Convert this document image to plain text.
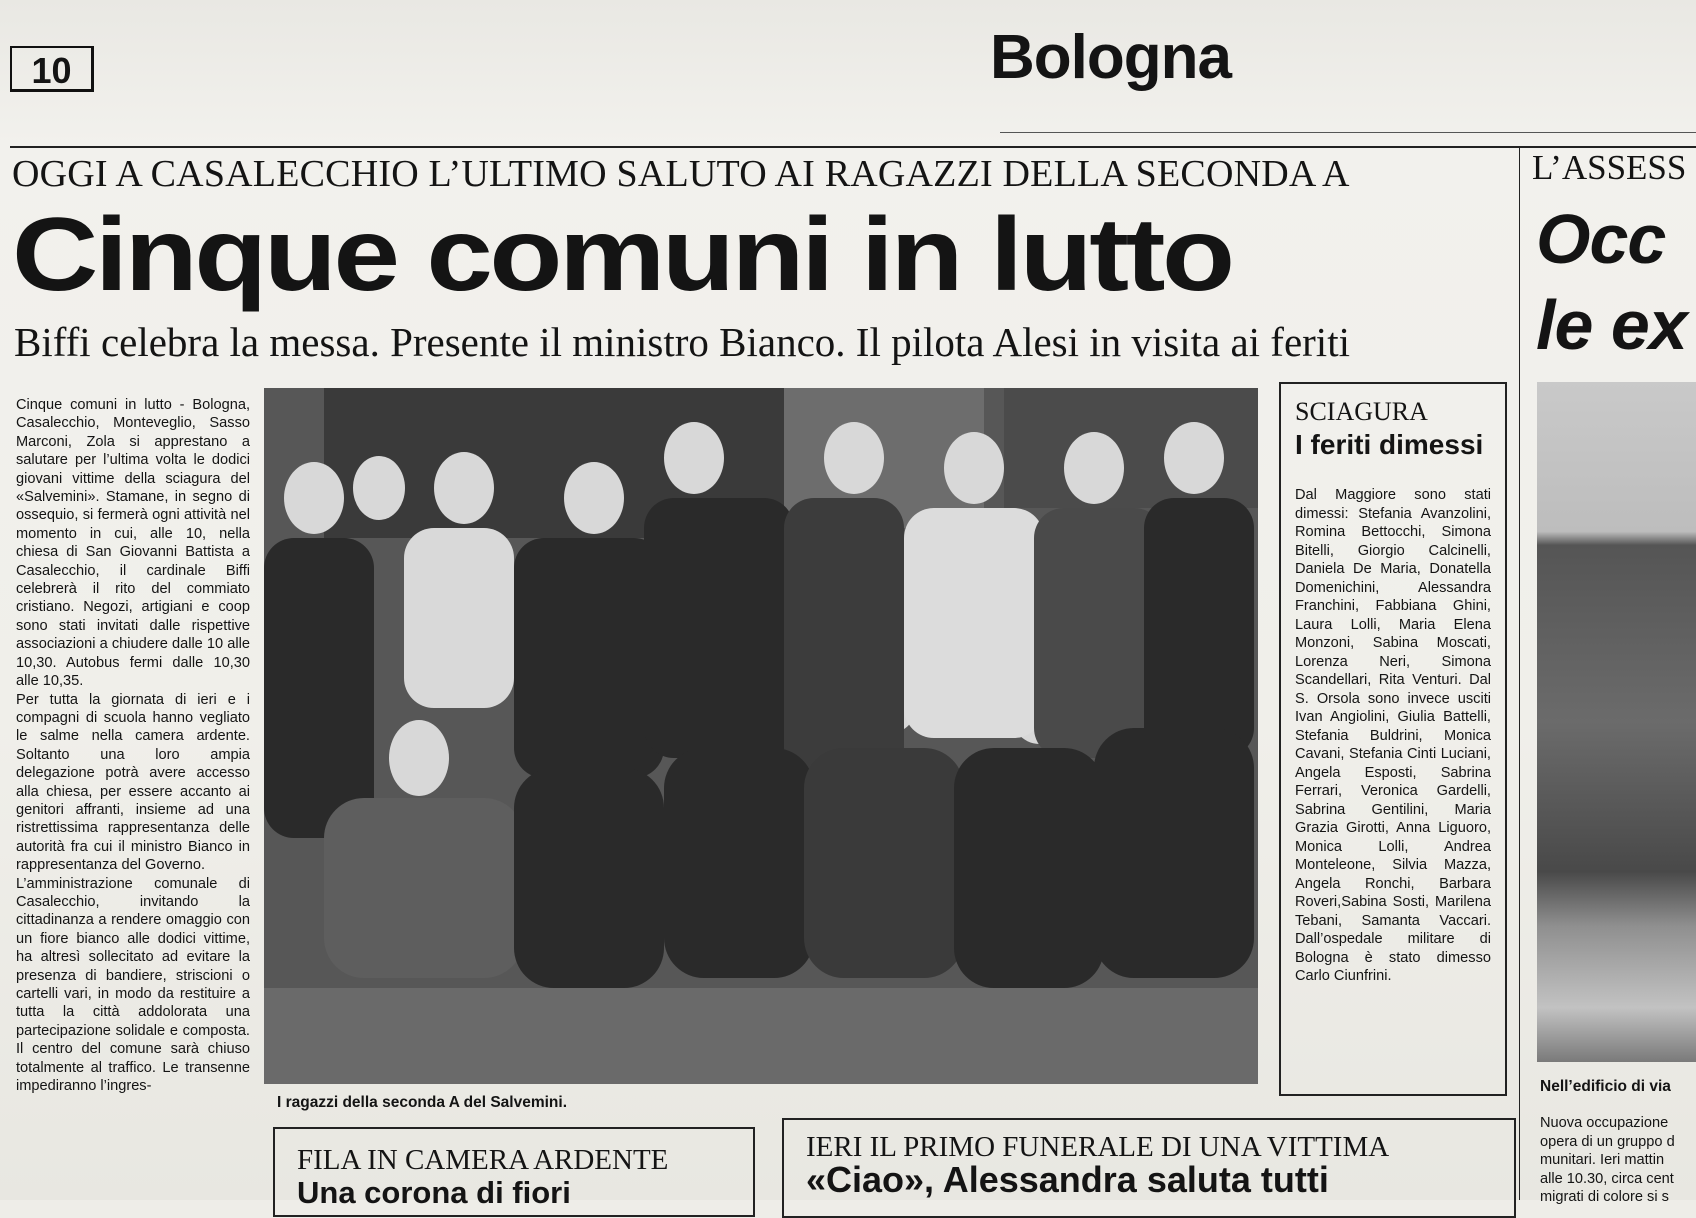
10	Bologna
OGGI A CASALECCHIO L’ULTIMO SALUTO AI RAGAZZI DELLA SECONDA A
Cinque comuni in lutto
Biffi celebra la messa. Presente il ministro Bianco. Il pilota Alesi in visita ai feriti

Cinque comuni in lutto - Bologna, Casalecchio, Monteveglio, Sasso Marconi, Zola si apprestano a salutare per l’ultima volta le dodici giovani vittime della sciagura del «Salvemini». Stamane, in segno di ossequio, si fermerà ogni attività nel momento in cui, alle 10, nella chiesa di San Giovanni Battista a Casalecchio, il cardinale Biffi celebrerà il rito del commiato cristiano. Negozi, artigiani e coop sono stati invitati dalle rispettive associazioni a chiudere dalle 10 alle 10,30. Autobus fermi dalle 10,30 alle 10,35.

Per tutta la giornata di ieri e i compagni di scuola hanno vegliato le salme nella camera ardente. Soltanto una loro ampia delegazione potrà avere accesso alla chiesa, per essere accanto ai genitori affranti, insieme ad una ristrettissima rappresentanza delle autorità fra cui il ministro Bianco in rappresentanza del Governo.

L’amministrazione comunale di Casalecchio, invitando la cittadinanza a rendere omaggio con un fiore bianco alle dodici vittime, ha altresì sollecitato ad evitare la presenza di bandiere, striscioni o cartelli vari, in modo da restituire a tutta la città addolorata una partecipazione solidale e composta. Il centro del comune sarà chiuso totalmente al traffico. Le transenne impediranno l’ingres-

I ragazzi della seconda A del Salvemini.
SCIAGURA
I feriti dimessi
Dal Maggiore sono stati dimessi: Stefania Avanzolini, Romina Bettocchi, Simona Bitelli, Giorgio Calcinelli, Daniela De Maria, Donatella Domenichini, Alessandra Franchini, Fabbiana Ghini, Laura Lolli, Maria Elena Monzoni, Sabina Moscati, Lorenza Neri, Simona Scandellari, Rita Venturi. Dal S. Orsola sono invece usciti Ivan Angiolini, Giulia Battelli, Stefania Buldrini, Monica Cavani, Stefania Cinti Luciani, Angela Esposti, Sabrina Ferrari, Veronica Gardelli, Sabrina Gentilini, Maria Grazia Girotti, Anna Liguoro, Monica Lolli, Andrea Monteleone, Silvia Mazza, Angela Ronchi, Barbara Roveri,Sabina Sosti, Marilena Tebani, Samanta Vaccari. Dall’ospedale militare di Bologna è stato dimesso Carlo Ciunfrini.
L’ASSESS
Occ
le ex
Nell’edificio di via
Nuova occupazione
opera di un gruppo d
munitari. Ieri mattin
alle 10.30, circa cent
migrati di colore si s
FILA IN CAMERA ARDENTE
Una corona di fiori
IERI IL PRIMO FUNERALE DI UNA VITTIMA
«Ciao», Alessandra saluta tutti
